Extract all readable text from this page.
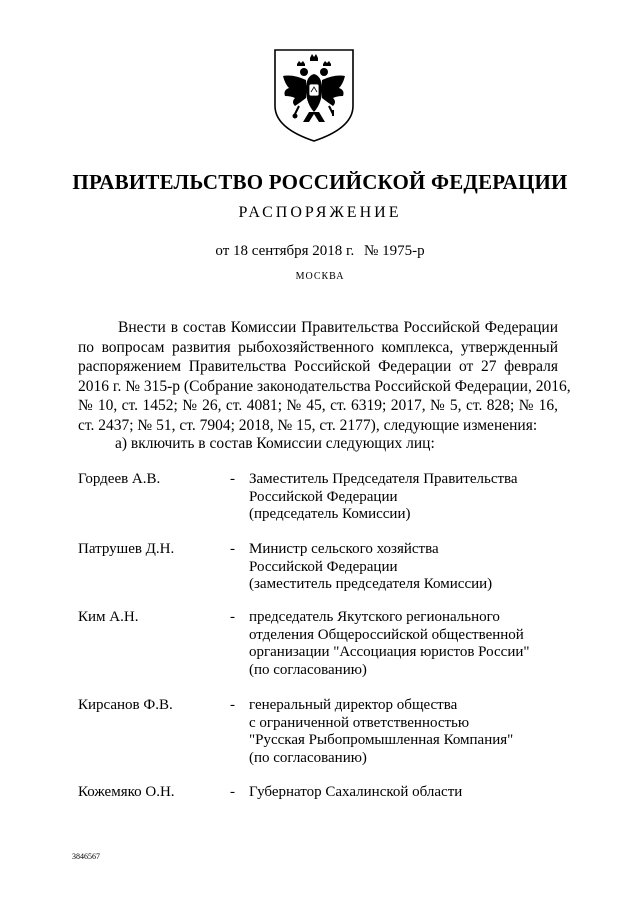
ПРАВИТЕЛЬСТВО РОССИЙСКОЙ ФЕДЕРАЦИИ
РАСПОРЯЖЕНИЕ
от 18 сентября 2018 г. № 1975-р
МОСКВА
Внести в состав Комиссии Правительства Российской Федерации
по вопросам развития рыбохозяйственного комплекса, утвержденный
распоряжением Правительства Российской Федерации от 27 февраля
2016 г. № 315-р (Собрание законодательства Российской Федерации, 2016,
№ 10, ст. 1452; № 26, ст. 4081; № 45, ст. 6319; 2017, № 5, ст. 828; № 16,
ст. 2437; № 51, ст. 7904; 2018, № 15, ст. 2177), следующие изменения:
а) включить в состав Комиссии следующих лиц:
Гордеев А.В.	- Заместитель Председателя Правительства
Российской Федерации
(председатель Комиссии)
Патрушев Д.Н.	- Министр сельского хозяйства
Российской Федерации
(заместитель председателя Комиссии)
Ким А.Н.	- председатель Якутского регионального
отделения Общероссийской общественной
организации "Ассоциация юристов России"
(по согласованию)
Кирсанов Ф.В.	- генеральный директор общества
с ограниченной ответственностью
"Русская Рыбопромышленная Компания"
(по согласованию)
Кожемяко О.Н.	- Губернатор Сахалинской области
3846567
